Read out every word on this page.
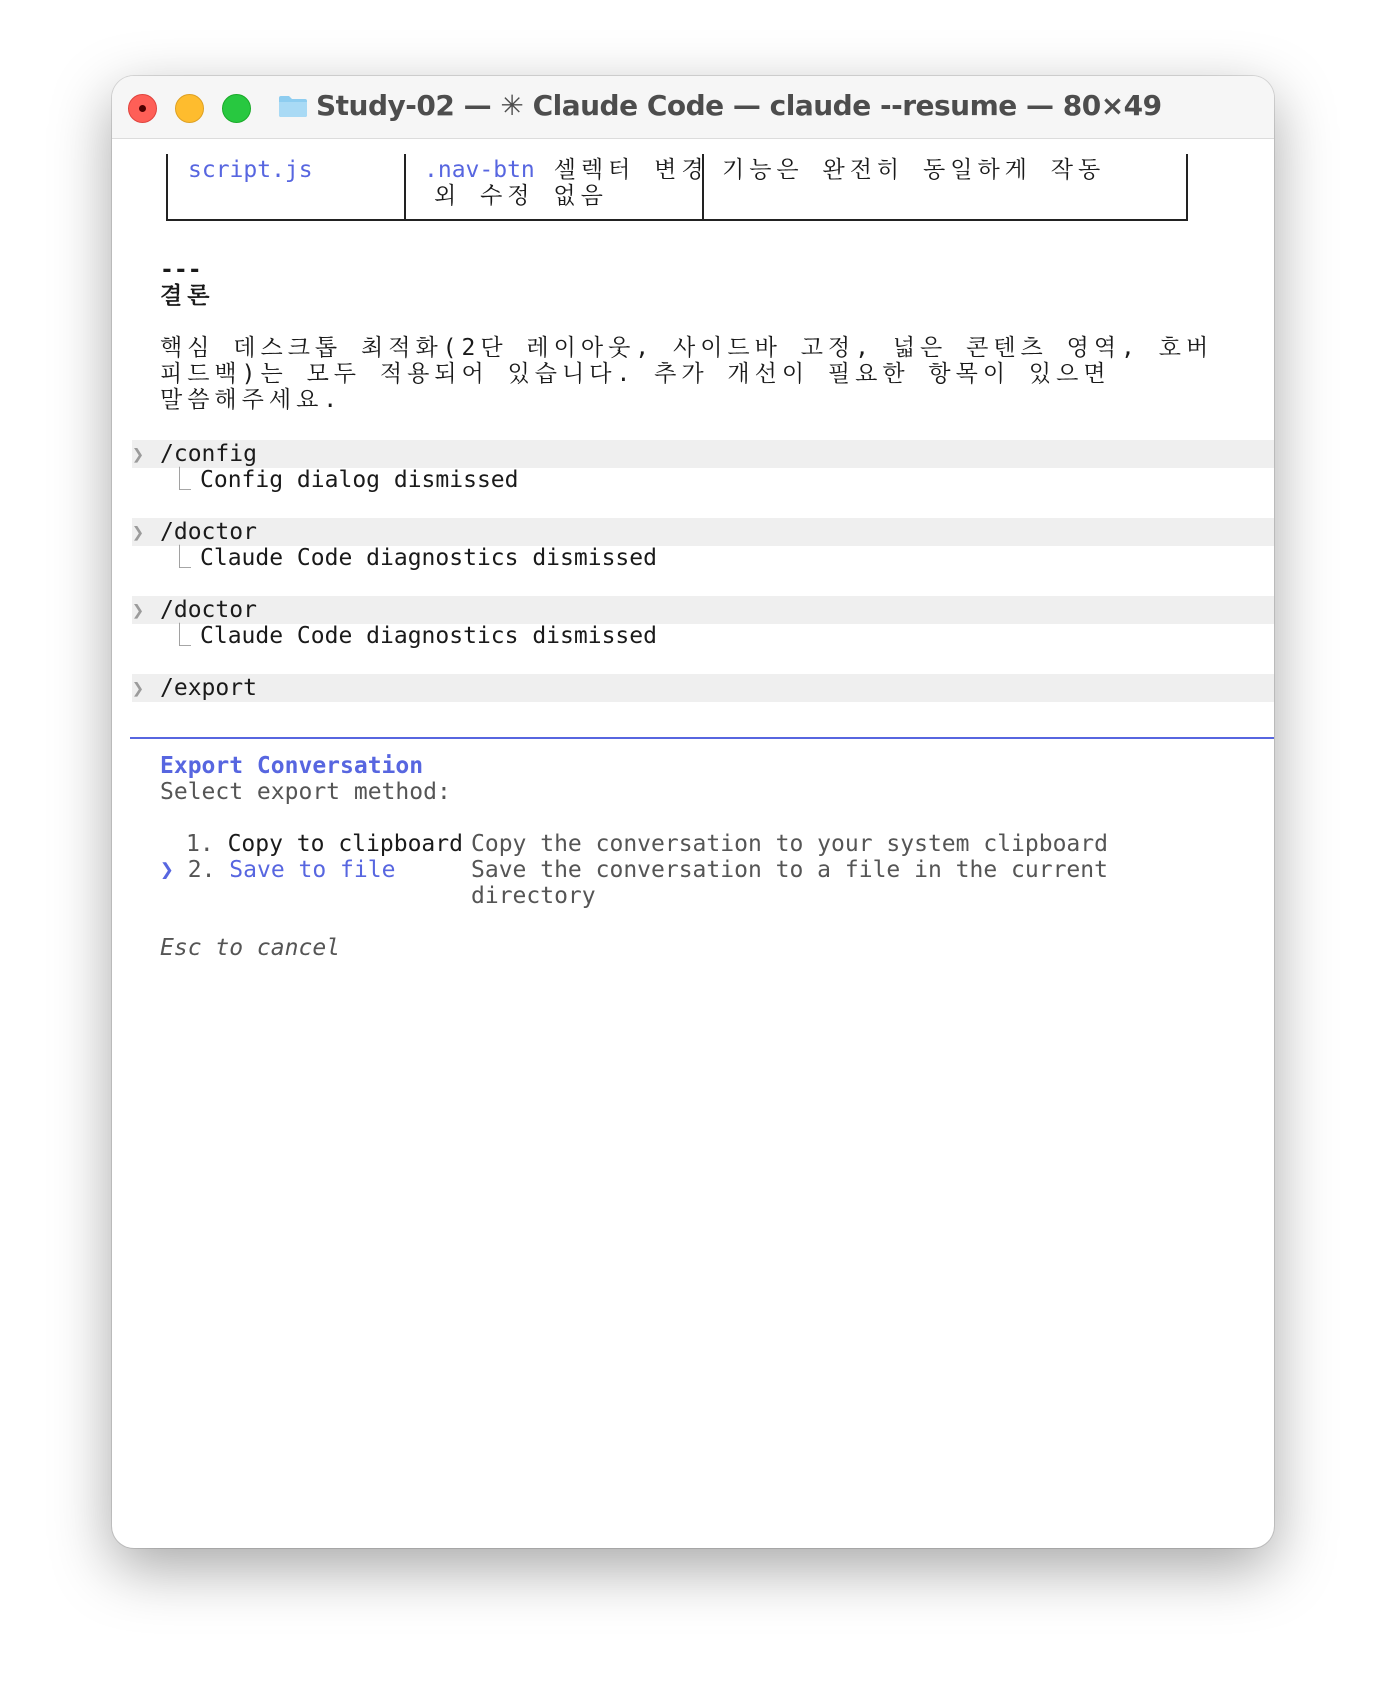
Study-02 — ✳ Claude Code — claude --resume — 80×49
script.js	.nav-btn 셀렉터 변경
외 수정 없음
기능은 완전히 동일하게 작동
---
결론
핵심 데스크톱 최적화(2단 레이아웃, 사이드바 고정, 넓은 콘텐츠 영역, 호버
피드백)는 모두 적용되어 있습니다. 추가 개선이 필요한 항목이 있으면
말씀해주세요.
❯ /config
⎿ Config dialog dismissed
❯ /doctor
⎿ Claude Code diagnostics dismissed
❯ /doctor
⎿ Claude Code diagnostics dismissed
❯ /export
Export Conversation
Select export method:
1. Copy to clipboard Copy the conversation to your system clipboard
❯ 2. Save to file	Save the conversation to a file in the current
directory
Esc to cancel
